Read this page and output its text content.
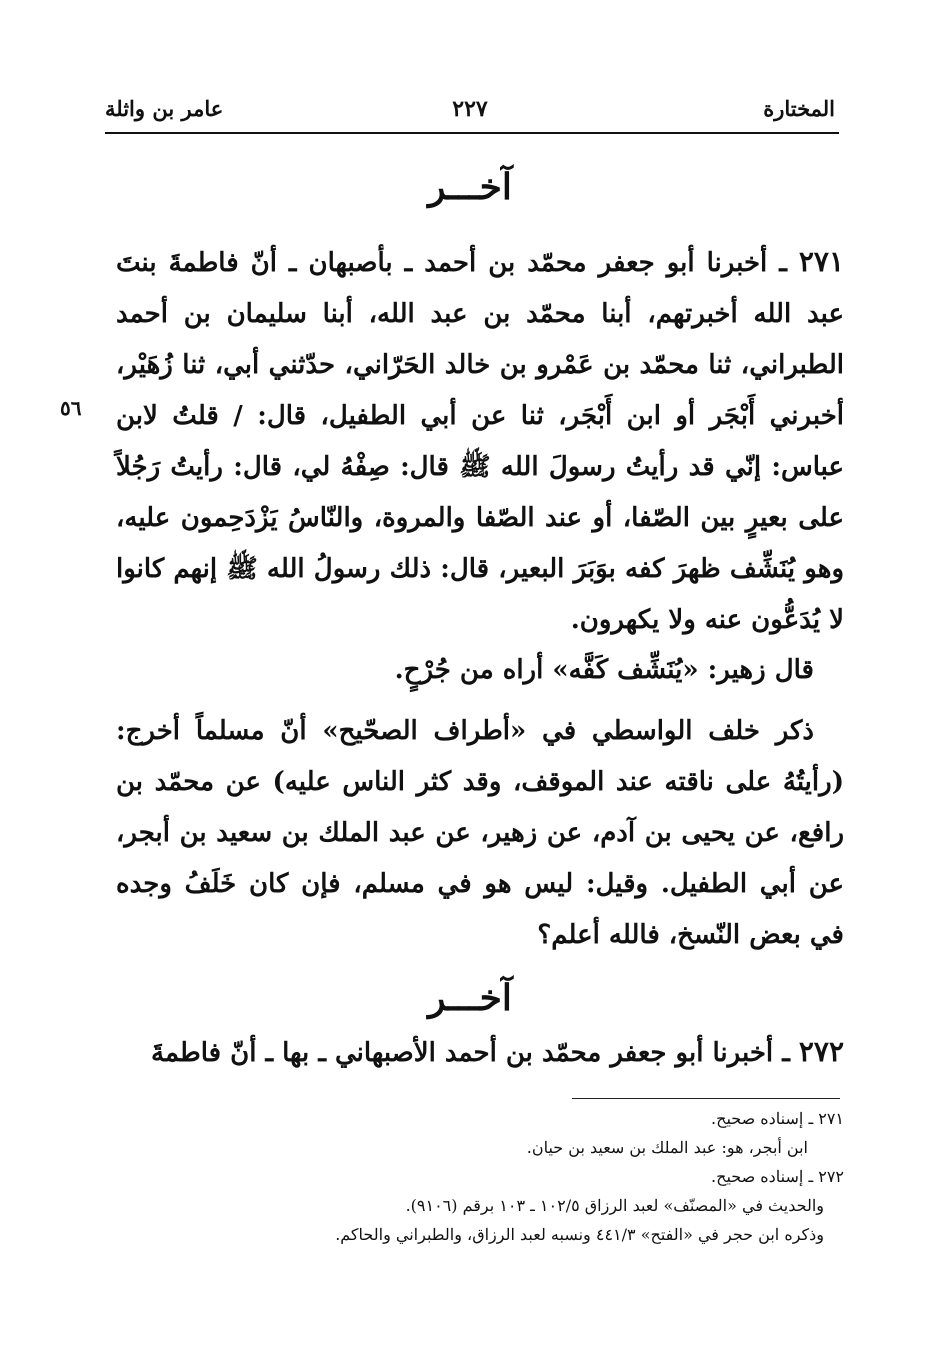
المختارة
٢٢٧
عامر بن واثلة
آخـــر

٢٧١ ـ أخبرنا أبو جعفر محمّد بن أحمد ـ بأصبهان ـ أنّ فاطمةَ بنتَ عبد الله أخبرتهم، أبنا محمّد بن عبد الله، أبنا سليمان بن أحمد الطبراني، ثنا محمّد بن عَمْرو بن خالد الحَرّاني، حدّثني أبي، ثنا زُهَيْر، أخبرني أَبْجَر أو ابن أَبْجَر، ثنا عن أبي الطفيل، قال: / قلتُ لابن عباس: إنّي قد رأيتُ رسولَ الله ﷺ قال: صِفْهُ لي، قال: رأيتُ رَجُلاً على بعيرٍ بين الصّفا، أو عند الصّفا والمروة، والنّاسُ يَزْدَحِمون عليه، وهو يُنَشِّف ظهرَ كفه بوَبَرَ البعير، قال: ذلك رسولُ الله ﷺ إنهم كانوا لا يُدَعُّون عنه ولا يكهرون.

٥٦

قال زهير: «يُنَشِّف كَفَّه» أراه من جُرْحٍ.

ذكر خلف الواسطي في «أطراف الصحّيح» أنّ مسلماً أخرج: (رأيتُهُ على ناقته عند الموقف، وقد كثر الناس عليه) عن محمّد بن رافع، عن يحيى بن آدم، عن زهير، عن عبد الملك بن سعيد بن أبجر، عن أبي الطفيل. وقيل: ليس هو في مسلم، فإن كان خَلَفُ وجده في بعض النّسخ، فالله أعلم؟

آخـــر

٢٧٢ ـ أخبرنا أبو جعفر محمّد بن أحمد الأصبهاني ـ بها ـ أنّ فاطمةَ

٢٧١ ـ إسناده صحيح.
ابن أبجر، هو: عبد الملك بن سعيد بن حيان.
٢٧٢ ـ إسناده صحيح.
والحديث في «المصنّف» لعبد الرزاق ١٠٢/٥ ـ ١٠٣ برقم (٩١٠٦).
وذكره ابن حجر في «الفتح» ٤٤١/٣ ونسبه لعبد الرزاق، والطبراني والحاكم.
